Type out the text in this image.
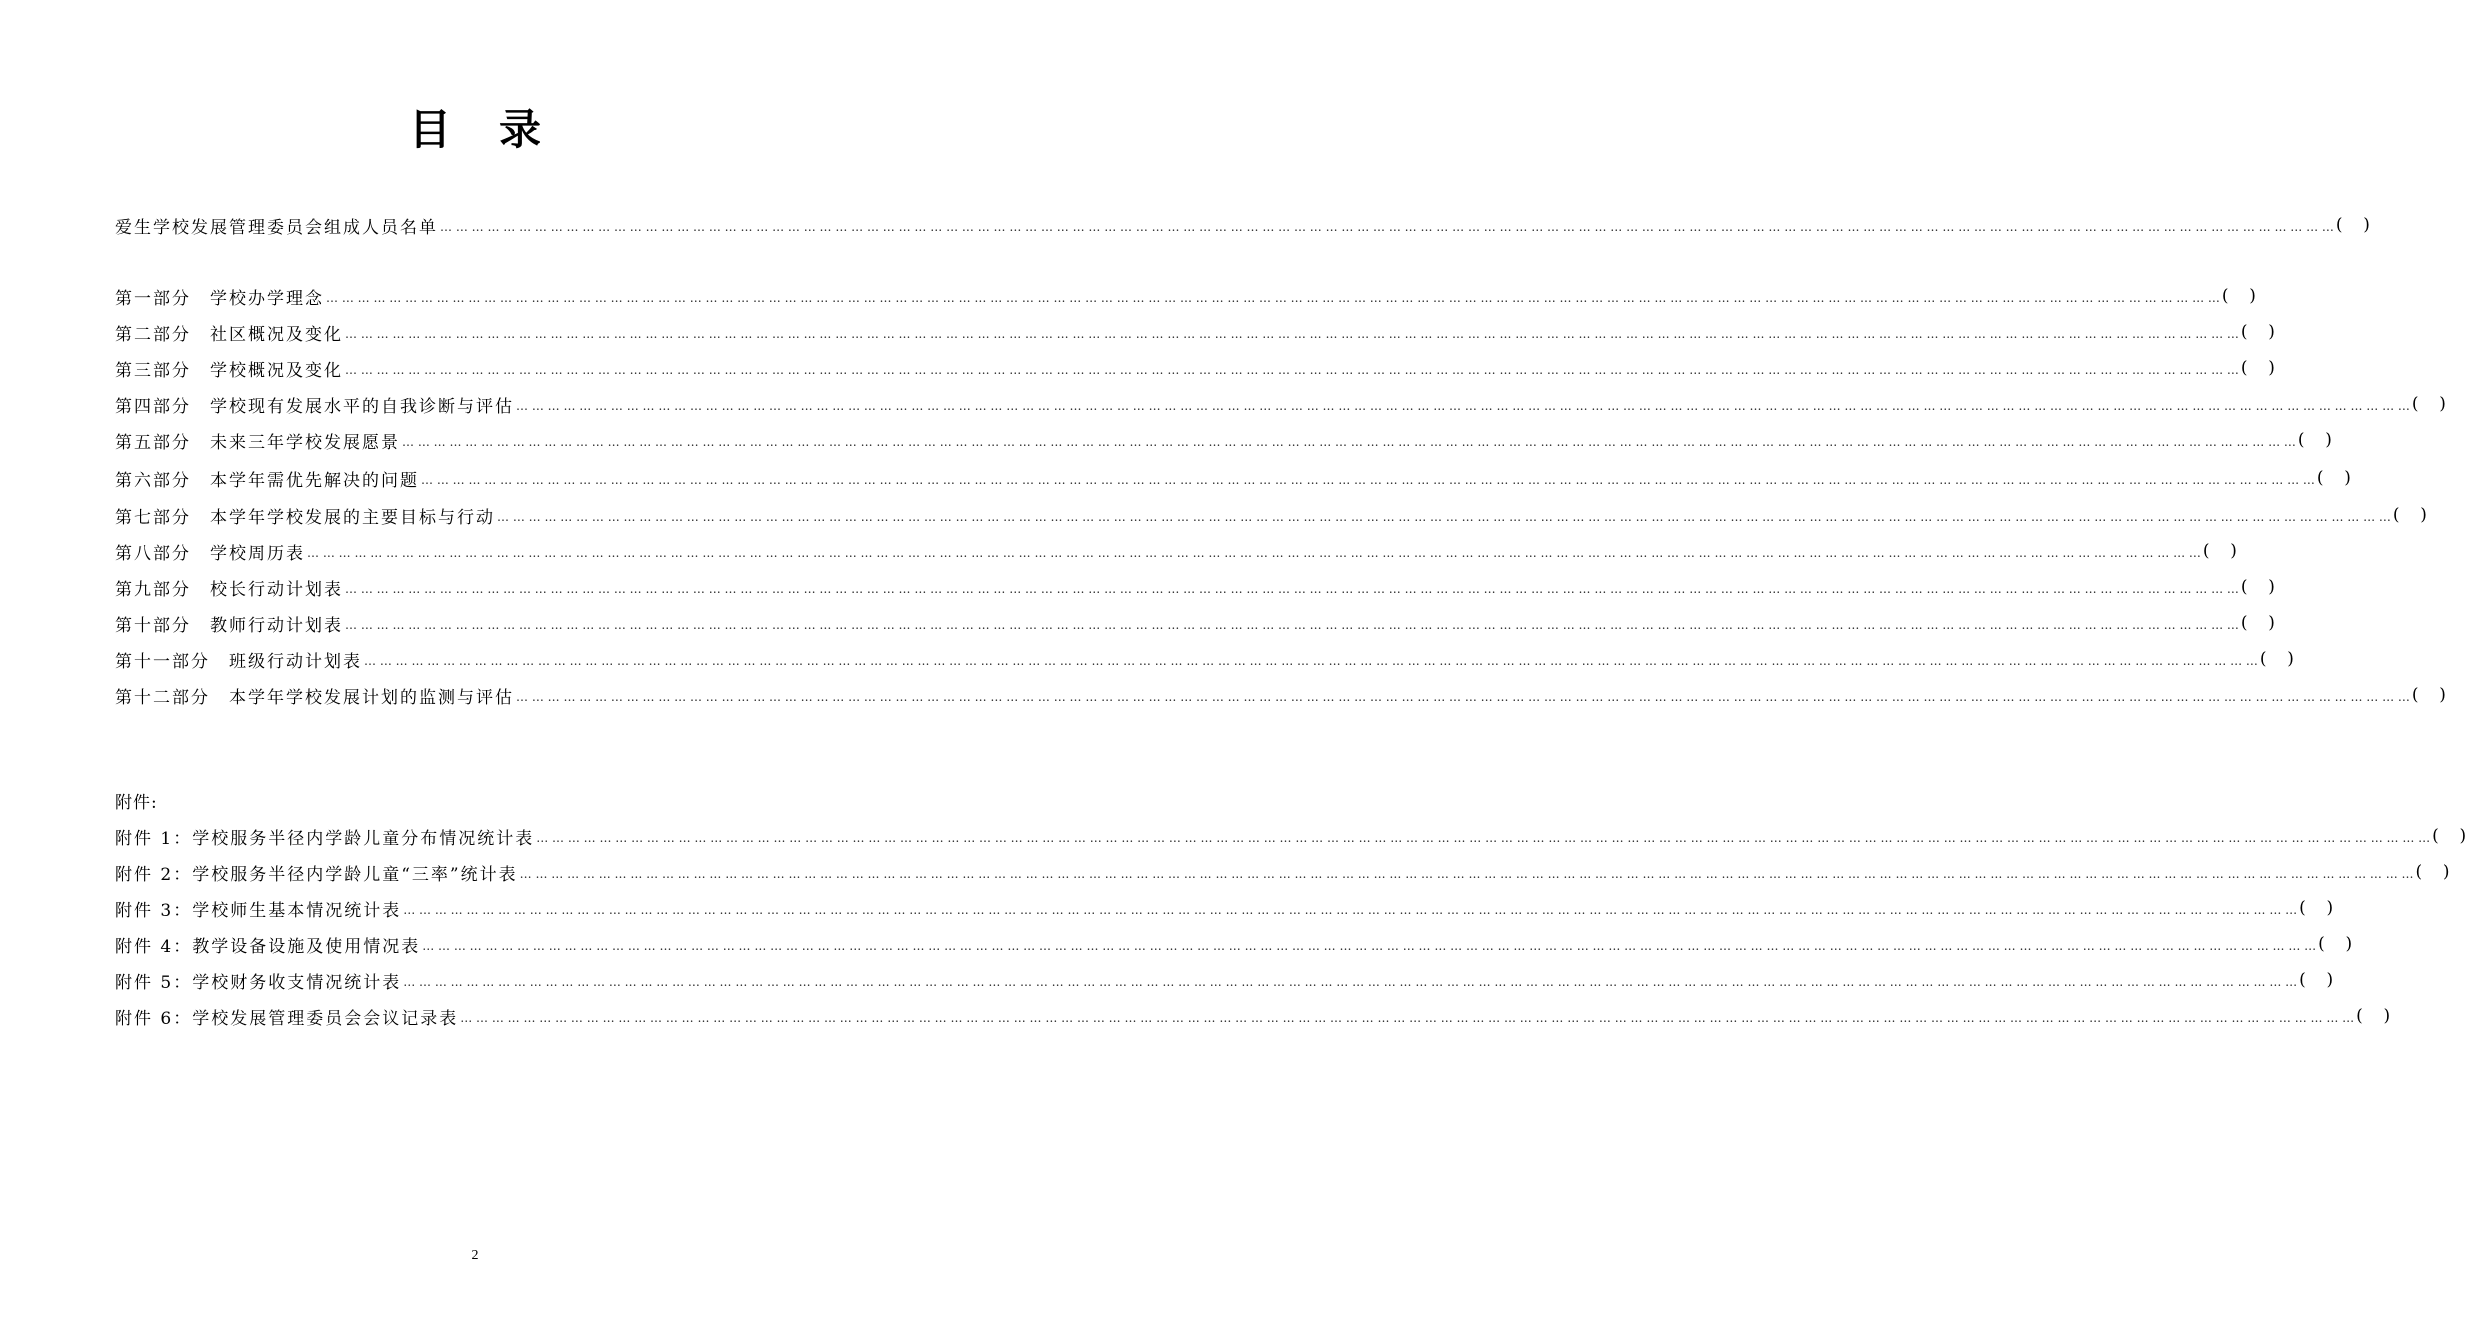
目录
爱生学校发展管理委员会组成人员名单 … … … … … … … … … … … … … … … … … … … … … … … … … … … … … … … … … … … … … … … … … … … … … … … … … … … … … … … … … … … … … … … … … … … … … … … … … … … … … … … … … … … … … … … … … … … … … … … … … … … … … … … … … … … … … … … … … … … … … … … … ( )
第一部分　 学校办学理念 … … … … … … … … … … … … … … … … … … … … … … … … … … … … … … … … … … … … … … … … … … … … … … … … … … … … … … … … … … … … … … … … … … … … … … … … … … … … … … … … … … … … … … … … … … … … … … … … … … … … … … … … … … … … … … … … … … … … … … … … ( )
第二部分　 社区概况及变化 … … … … … … … … … … … … … … … … … … … … … … … … … … … … … … … … … … … … … … … … … … … … … … … … … … … … … … … … … … … … … … … … … … … … … … … … … … … … … … … … … … … … … … … … … … … … … … … … … … … … … … … … … … … … … … … … … … … … … … … … ( )
第三部分　 学校概况及变化 … … … … … … … … … … … … … … … … … … … … … … … … … … … … … … … … … … … … … … … … … … … … … … … … … … … … … … … … … … … … … … … … … … … … … … … … … … … … … … … … … … … … … … … … … … … … … … … … … … … … … … … … … … … … … … … … … … … … … … … … ( )
第四部分　 学校现有发展水平的自我诊断与评估 … … … … … … … … … … … … … … … … … … … … … … … … … … … … … … … … … … … … … … … … … … … … … … … … … … … … … … … … … … … … … … … … … … … … … … … … … … … … … … … … … … … … … … … … … … … … … … … … … … … … … … … … … … … … … … … … … … … … … … … … ( )
第五部分　 未来三年学校发展愿景 … … … … … … … … … … … … … … … … … … … … … … … … … … … … … … … … … … … … … … … … … … … … … … … … … … … … … … … … … … … … … … … … … … … … … … … … … … … … … … … … … … … … … … … … … … … … … … … … … … … … … … … … … … … … … … … … … … … … … … … … ( )
第六部分　 本学年需优先解决的问题 … … … … … … … … … … … … … … … … … … … … … … … … … … … … … … … … … … … … … … … … … … … … … … … … … … … … … … … … … … … … … … … … … … … … … … … … … … … … … … … … … … … … … … … … … … … … … … … … … … … … … … … … … … … … … … … … … … … … … … … … ( )
第七部分　 本学年学校发展的主要目标与行动 … … … … … … … … … … … … … … … … … … … … … … … … … … … … … … … … … … … … … … … … … … … … … … … … … … … … … … … … … … … … … … … … … … … … … … … … … … … … … … … … … … … … … … … … … … … … … … … … … … … … … … … … … … … … … … … … … … … … … … … … ( )
第八部分　 学校周历表 … … … … … … … … … … … … … … … … … … … … … … … … … … … … … … … … … … … … … … … … … … … … … … … … … … … … … … … … … … … … … … … … … … … … … … … … … … … … … … … … … … … … … … … … … … … … … … … … … … … … … … … … … … … … … … … … … … … … … … … … ( )
第九部分　 校长行动计划表 … … … … … … … … … … … … … … … … … … … … … … … … … … … … … … … … … … … … … … … … … … … … … … … … … … … … … … … … … … … … … … … … … … … … … … … … … … … … … … … … … … … … … … … … … … … … … … … … … … … … … … … … … … … … … … … … … … … … … … … … ( )
第十部分　 教师行动计划表 … … … … … … … … … … … … … … … … … … … … … … … … … … … … … … … … … … … … … … … … … … … … … … … … … … … … … … … … … … … … … … … … … … … … … … … … … … … … … … … … … … … … … … … … … … … … … … … … … … … … … … … … … … … … … … … … … … … … … … … … ( )
第十一部分　 班级行动计划表 … … … … … … … … … … … … … … … … … … … … … … … … … … … … … … … … … … … … … … … … … … … … … … … … … … … … … … … … … … … … … … … … … … … … … … … … … … … … … … … … … … … … … … … … … … … … … … … … … … … … … … … … … … … … … … … … … … … … … … … … ( )
第十二部分　 本学年学校发展计划的监测与评估 … … … … … … … … … … … … … … … … … … … … … … … … … … … … … … … … … … … … … … … … … … … … … … … … … … … … … … … … … … … … … … … … … … … … … … … … … … … … … … … … … … … … … … … … … … … … … … … … … … … … … … … … … … … … … … … … … … … … … … … … ( )
附件 1： 学校服务半径内学龄儿童分布情况统计表 … … … … … … … … … … … … … … … … … … … … … … … … … … … … … … … … … … … … … … … … … … … … … … … … … … … … … … … … … … … … … … … … … … … … … … … … … … … … … … … … … … … … … … … … … … … … … … … … … … … … … … … … … … … … … … … … … … … … … … … … ( )
附件 2： 学校服务半径内学龄儿童“三率”统计表 … … … … … … … … … … … … … … … … … … … … … … … … … … … … … … … … … … … … … … … … … … … … … … … … … … … … … … … … … … … … … … … … … … … … … … … … … … … … … … … … … … … … … … … … … … … … … … … … … … … … … … … … … … … … … … … … … … … … … … … … ( )
附件 3： 学校师生基本情况统计表 … … … … … … … … … … … … … … … … … … … … … … … … … … … … … … … … … … … … … … … … … … … … … … … … … … … … … … … … … … … … … … … … … … … … … … … … … … … … … … … … … … … … … … … … … … … … … … … … … … … … … … … … … … … … … … … … … … … … … … … … ( )
附件 4： 教学设备设施及使用情况表 … … … … … … … … … … … … … … … … … … … … … … … … … … … … … … … … … … … … … … … … … … … … … … … … … … … … … … … … … … … … … … … … … … … … … … … … … … … … … … … … … … … … … … … … … … … … … … … … … … … … … … … … … … … … … … … … … … … … … … … … ( )
附件 5： 学校财务收支情况统计表 … … … … … … … … … … … … … … … … … … … … … … … … … … … … … … … … … … … … … … … … … … … … … … … … … … … … … … … … … … … … … … … … … … … … … … … … … … … … … … … … … … … … … … … … … … … … … … … … … … … … … … … … … … … … … … … … … … … … … … … … ( )
附件 6： 学校发展管理委员会会议记录表 … … … … … … … … … … … … … … … … … … … … … … … … … … … … … … … … … … … … … … … … … … … … … … … … … … … … … … … … … … … … … … … … … … … … … … … … … … … … … … … … … … … … … … … … … … … … … … … … … … … … … … … … … … … … … … … … … … … … … … … … ( )
附件:
2
